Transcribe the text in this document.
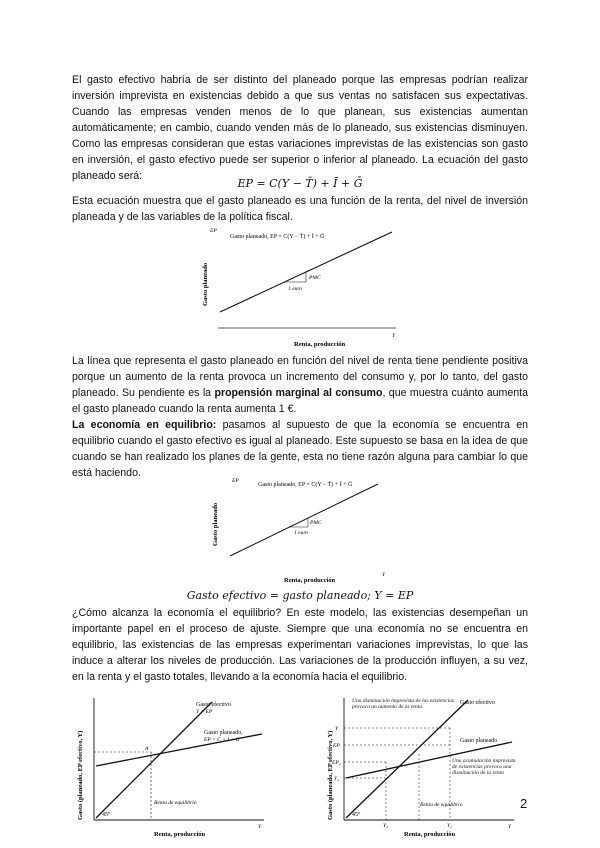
El gasto efectivo habría de ser distinto del planeado porque las empresas podrían realizar inversión imprevista en existencias debido a que sus ventas no satisfacen sus expectativas. Cuando las empresas venden menos de lo que planean, sus existencias aumentan automáticamente; en cambio, cuando venden más de lo planeado, sus existencias disminuyen. Como las empresas consideran que estas variaciones imprevistas de las existencias son gasto en inversión, el gasto efectivo puede ser superior o inferior al planeado. La ecuación del gasto planeado será:

EP = C(Y − T̄) + Ī + Ḡ

Esta ecuación muestra que el gasto planeado es una función de la renta, del nivel de inversión planeada y de las variables de la política fiscal.

EP
Gasto planeado, EP = C(Y − T̄) + Ī + Ḡ
PMC
1 euro
Gasto planeado
Renta, producción
Y

La línea que representa el gasto planeado en función del nivel de renta tiene pendiente positiva porque un aumento de la renta provoca un incremento del consumo y, por lo tanto, del gasto planeado. Su pendiente es la propensión marginal al consumo, que muestra cuánto aumenta el gasto planeado cuando la renta aumenta 1 €.

La economía en equilibrio: pasamos al supuesto de que la economía se encuentra en equilibrio cuando el gasto efectivo es igual al planeado. Este supuesto se basa en la idea de que cuando se han realizado los planes de la gente, esta no tiene razón alguna para cambiar lo que está haciendo.

EP
Gasto planeado, EP = C(Y − T̄) + Ī + Ḡ
PMC
1 euro
Gasto planeado
Renta, producción
Y
Gasto efectivo = gasto planeado; Y = EP

¿Cómo alcanza la economía el equilibrio? En este modelo, las existencias desempeñan un importante papel en el proceso de ajuste. Siempre que una economía no se encuentra en equilibrio, las existencias de las empresas experimentan variaciones imprevistas, lo que las induce a alterar los niveles de producción. Las variaciones de la producción influyen, a su vez, en la renta y el gasto totales, llevando a la economía hacia el equilibrio.

A
Gasto efectivo
Y = EP
Gasto planeado,
EP = C + I + G
45°
Renta de equilibrio
Gasto (planeado, EP efectivo, Y)
Renta, producción
Y
Gasto efectivo
Gasto planeado
Una disminución imprevista de las existencias provoca un aumento de la renta
Una acumulación imprevista de existencias provoca una disminución de la renta
Renta de equilibrio
Y
EP
EP₂
Y₂
Y₂	Y₁
45°
Gasto (planeado, EP efectivo, Y)
Renta, producción
Y
2
